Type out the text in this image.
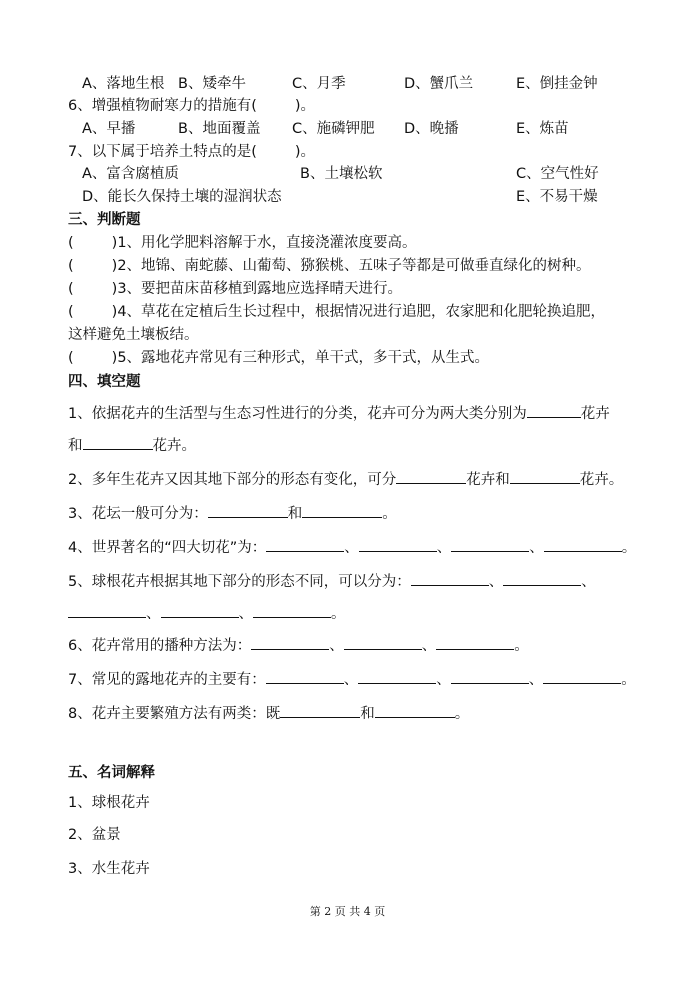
A、落地生根 B、矮牵牛	C、月季	D、蟹爪兰	E、倒挂金钟
6、增强植物耐寒力的措施有(	)。
A、早播	B、地面覆盖 C、施磷钾肥 D、晚播	E、炼苗
7、以下属于培养土特点的是(	)。
A、富含腐植质	B、土壤松软	C、空气性好
D、能长久保持土壤的湿润状态	E、不易干燥
三、判断题
(	)1、用化学肥料溶解于水，直接浇灌浓度要高。
(	)2、地锦、南蛇藤、山葡萄、猕猴桃、五味子等都是可做垂直绿化的树种。
(	)3、要把苗床苗移植到露地应选择晴天进行。
(	)4、草花在定植后生长过程中，根据情况进行追肥，农家肥和化肥轮换追肥，
这样避免土壤板结。
(	)5、露地花卉常见有三种形式，单干式，多干式，从生式。
四、填空题
1、依据花卉的生活型与生态习性进行的分类，花卉可分为两大类分别为	花卉
和	花卉。
2、多年生花卉又因其地下部分的形态有变化，可分	花卉和	花卉。
3、花坛一般可分为：	和	。
4、世界著名的“四大切花”为：	、	、	、	。
5、球根花卉根据其地下部分的形态不同，可以分为：	、	、
、	、	。
6、花卉常用的播种方法为：	、	、	。
7、常见的露地花卉的主要有：	、	、	、	。
8、花卉主要繁殖方法有两类：既	和	。
五、名词解释
1、球根花卉
2、盆景
3、水生花卉
第 2 页 共 4 页
